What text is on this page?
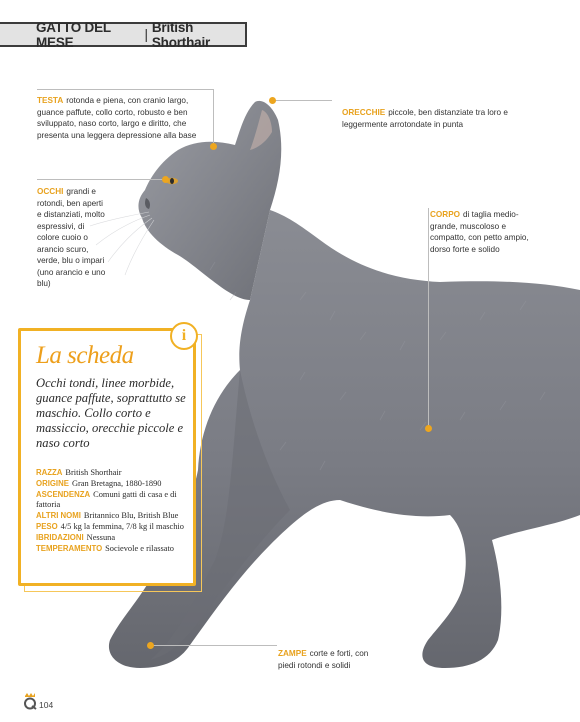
GATTO DEL MESE	| British Shorthair
TESTA rotonda e piena, con cranio largo, guance paffute, collo corto, robusto e ben sviluppato, naso corto, largo e diritto, che presenta una leggera depressione alla base
ORECCHIE piccole, ben distanziate tra loro e leggermente arrotondate in punta
OCCHI grandi e rotondi, ben aperti e distanziati, molto espressivi, di colore cuoio o arancio scuro, verde, blu o impari (uno arancio e uno blu)
CORPO di taglia medio-grande, muscoloso e compatto, con petto ampio, dorso forte e solido
ZAMPE corte e forti, con piedi rotondi e solidi
i
La scheda
Occhi tondi, linee morbide, guance paffute, soprattutto se maschio. Collo corto e massiccio, orecchie piccole e naso corto
RAZZA British Shorthair
ORIGINE Gran Bretagna, 1880-1890
ASCENDENZA Comuni gatti di casa e di fattoria
ALTRI NOMI Britannico Blu, British Blue
PESO 4/5 kg la femmina, 7/8 kg il maschio
IBRIDAZIONI Nessuna
TEMPERAMENTO Socievole e rilassato
104
